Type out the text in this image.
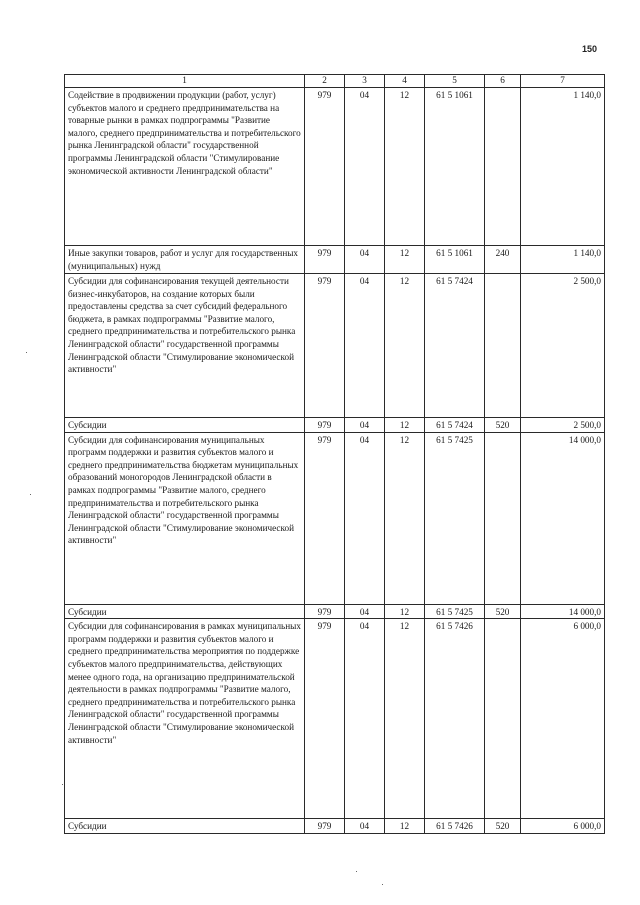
150
1	2	3	4	5	6	7
Содействие в продвижении продукции (работ, услуг) субъектов малого и среднего предпринимательства на товарные рынки в рамках подпрограммы "Развитие малого, среднего предпринимательства и потребительского рынка Ленинградской области" государственной программы Ленинградской области "Стимулирование экономической активности Ленинградской области"	979	04	12	61 5 1061		1 140,0
Иные закупки товаров, работ и услуг для государственных (муниципальных) нужд	979	04	12	61 5 1061	240	1 140,0
Субсидии для софинансирования текущей деятельности бизнес-инкубаторов, на создание которых были предоставлены средства за счет субсидий федерального бюджета, в рамках подпрограммы "Развитие малого, среднего предпринимательства и потребительского рынка Ленинградской области" государственной программы Ленинградской области "Стимулирование экономической активности"	979	04	12	61 5 7424		2 500,0
Субсидии	979	04	12	61 5 7424	520	2 500,0
Субсидии для софинансирования муниципальных программ поддержки и развития субъектов малого и среднего предпринимательства бюджетам муниципальных образований моногородов Ленинградской области в рамках подпрограммы "Развитие малого, среднего предпринимательства и потребительского рынка Ленинградской области" государственной программы Ленинградской области "Стимулирование экономической активности"	979	04	12	61 5 7425		14 000,0
Субсидии	979	04	12	61 5 7425	520	14 000,0
Субсидии для софинансирования в рамках муниципальных программ поддержки и развития субъектов малого и среднего предпринимательства мероприятия по поддержке субъектов малого предпринимательства, действующих менее одного года, на организацию предпринимательской деятельности в рамках подпрограммы "Развитие малого, среднего предпринимательства и потребительского рынка Ленинградской области" государственной программы Ленинградской области "Стимулирование экономической активности"	979	04	12	61 5 7426		6 000,0
Субсидии	979	04	12	61 5 7426	520	6 000,0
